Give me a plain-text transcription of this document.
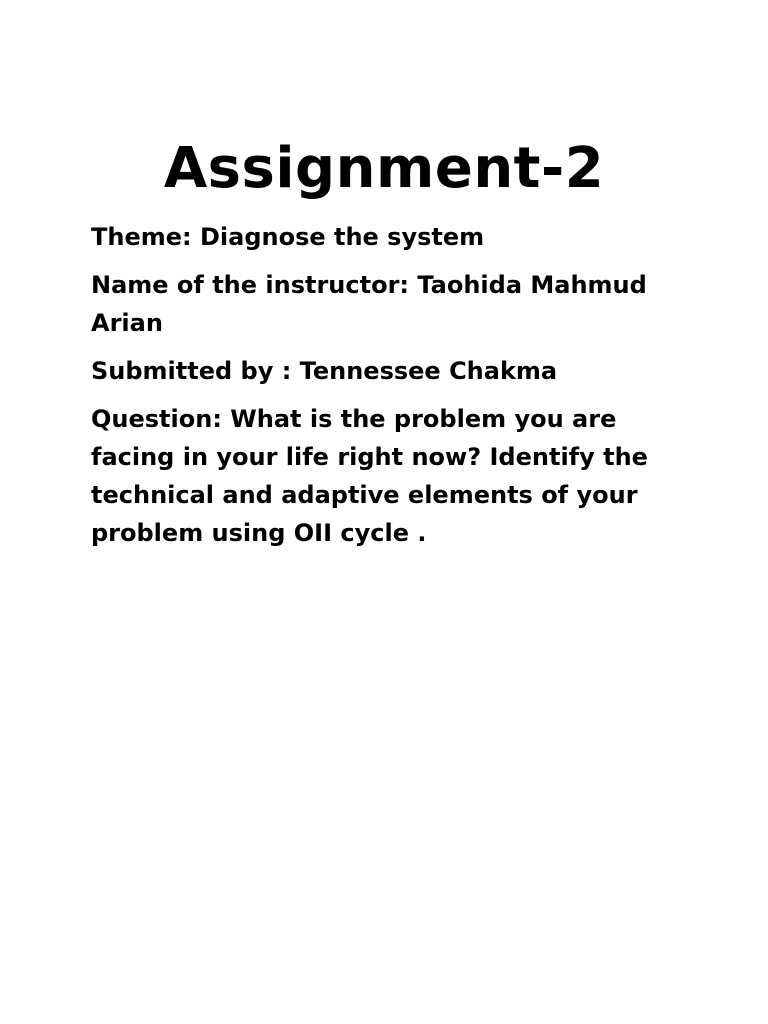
Assignment-2

Theme: Diagnose the system

Name of the instructor: Taohida Mahmud Arian

Submitted by : Tennessee Chakma

Question: What is the problem you are facing in your life right now? Identify the technical and adaptive elements of your problem using OII cycle .
